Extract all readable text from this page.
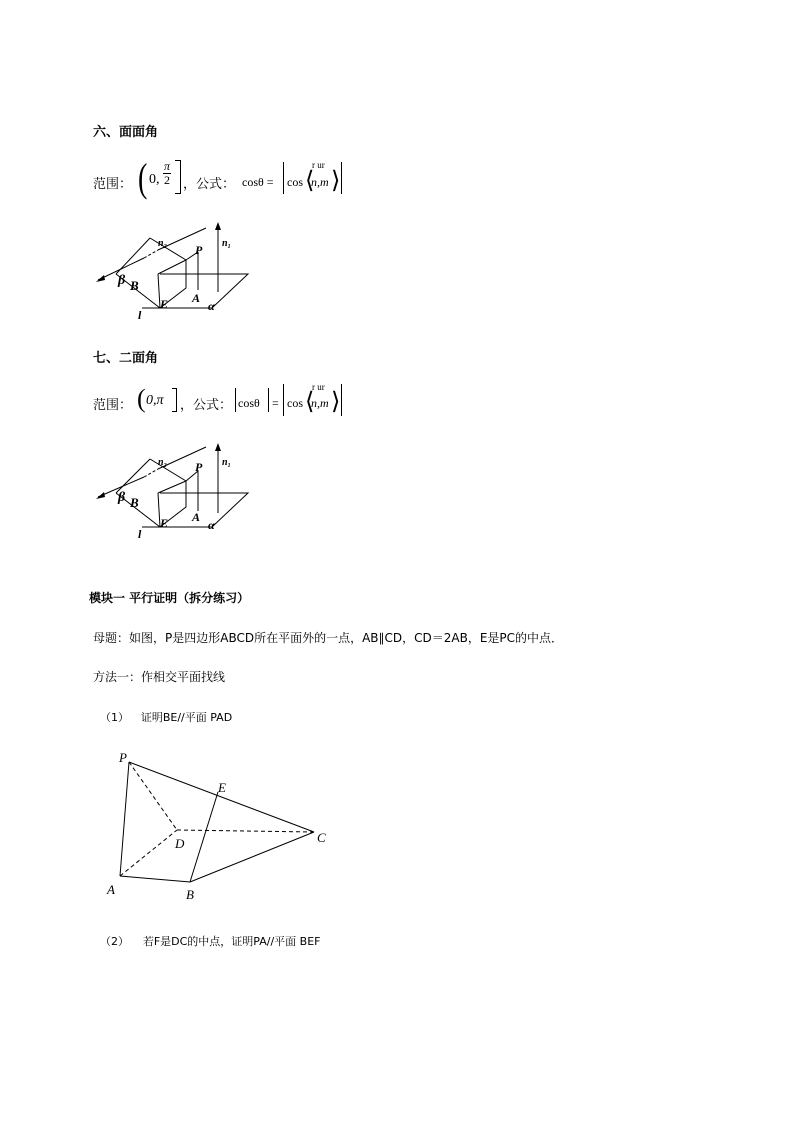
六、面面角
范围： ( 0, $\frac{\pi}{2}$ ，公式： cosθ = cos ⟨
r ur
n,m ⟩
n₂	n₁
P
β B
E A
α
l
七、二面角
范围： ( 0,π ，公式： cosθ = cos ⟨
r ur
n,m ⟩
n₂	n₁
P
β B
E A
α
l
模块一 平行证明（拆分练习）
母题：如图，P是四边形ABCD所在平面外的一点，AB∥CD，CD＝2AB，E是PC的中点．
方法一：作相交平面找线
（1） 证明BE//平面 PAD
P
E
D	C
A	B
（2） 若F是DC的中点，证明PA//平面 BEF
